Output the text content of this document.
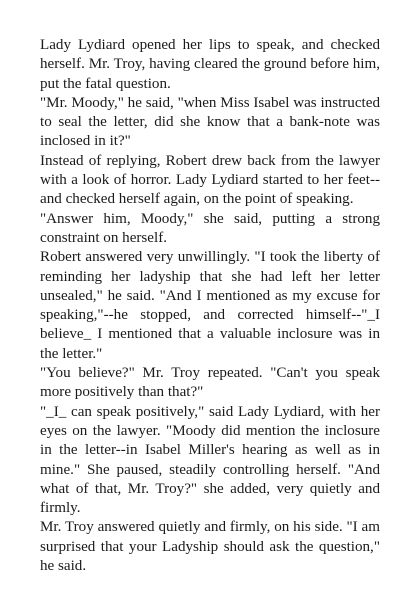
Lady Lydiard opened her lips to speak, and checked herself. Mr. Troy, having cleared the ground before him, put the fatal question.

"Mr. Moody," he said, "when Miss Isabel was instructed to seal the letter, did she know that a bank-note was inclosed in it?"

Instead of replying, Robert drew back from the lawyer with a look of horror. Lady Lydiard started to her feet--and checked herself again, on the point of speaking.

"Answer him, Moody," she said, putting a strong constraint on herself.

Robert answered very unwillingly. "I took the liberty of reminding her ladyship that she had left her letter unsealed," he said. "And I mentioned as my excuse for speaking,"--he stopped, and corrected himself--"_I believe_ I mentioned that a valuable inclosure was in the letter."

"You believe?" Mr. Troy repeated. "Can't you speak more positively than that?"

"_I_ can speak positively," said Lady Lydiard, with her eyes on the lawyer. "Moody did mention the inclosure in the letter--in Isabel Miller's hearing as well as in mine." She paused, steadily controlling herself. "And what of that, Mr. Troy?" she added, very quietly and firmly.

Mr. Troy answered quietly and firmly, on his side. "I am surprised that your Ladyship should ask the question," he said.
